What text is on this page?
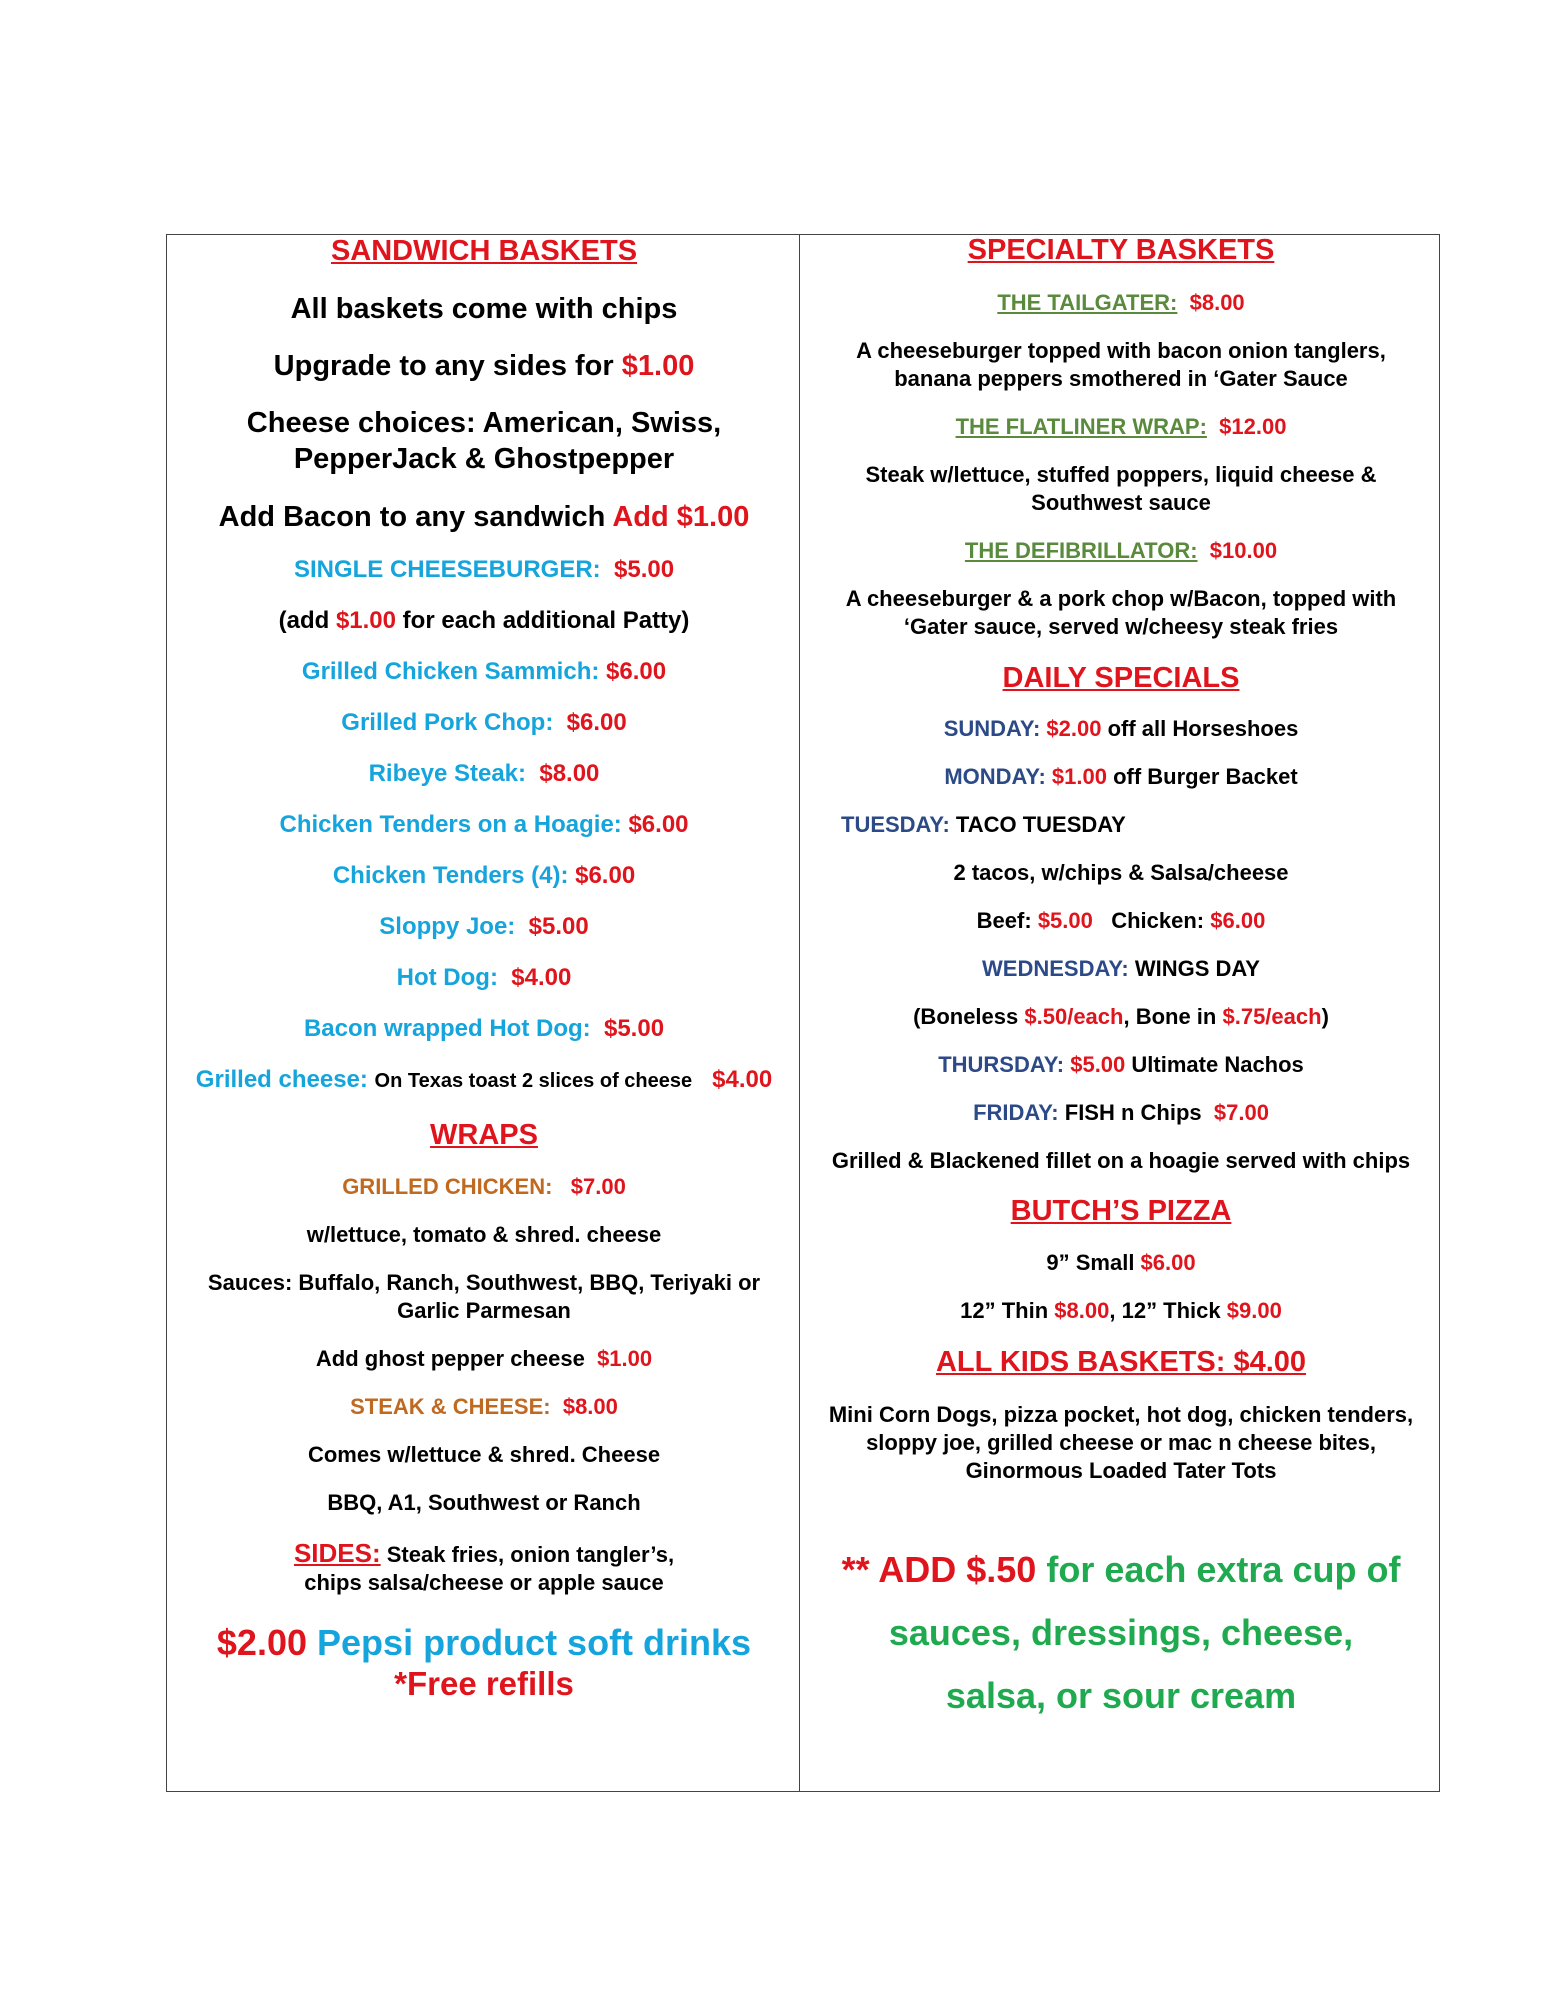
SANDWICH BASKETS
All baskets come with chips
Upgrade to any sides for $1.00
Cheese choices: American, Swiss,
PepperJack & Ghostpepper
Add Bacon to any sandwich Add $1.00
SINGLE CHEESEBURGER: $5.00
(add $1.00 for each additional Patty)
Grilled Chicken Sammich: $6.00
Grilled Pork Chop: $6.00
Ribeye Steak: $8.00
Chicken Tenders on a Hoagie: $6.00
Chicken Tenders (4): $6.00
Sloppy Joe: $5.00
Hot Dog: $4.00
Bacon wrapped Hot Dog: $5.00
Grilled cheese: On Texas toast 2 slices of cheese $4.00
WRAPS
GRILLED CHICKEN: $7.00
w/lettuce, tomato & shred. cheese
Sauces: Buffalo, Ranch, Southwest, BBQ, Teriyaki or
Garlic Parmesan
Add ghost pepper cheese $1.00
STEAK & CHEESE: $8.00
Comes w/lettuce & shred. Cheese
BBQ, A1, Southwest or Ranch
SIDES: Steak fries, onion tangler’s,
chips salsa/cheese or apple sauce
$2.00 Pepsi product soft drinks
*Free refills
SPECIALTY BASKETS
THE TAILGATER: $8.00
A cheeseburger topped with bacon onion tanglers,
banana peppers smothered in ‘Gater Sauce
THE FLATLINER WRAP: $12.00
Steak w/lettuce, stuffed poppers, liquid cheese &
Southwest sauce
THE DEFIBRILLATOR: $10.00
A cheeseburger & a pork chop w/Bacon, topped with
‘Gater sauce, served w/cheesy steak fries
DAILY SPECIALS
SUNDAY: $2.00 off all Horseshoes
MONDAY: $1.00 off Burger Backet
TUESDAY: TACO TUESDAY
2 tacos, w/chips & Salsa/cheese
Beef: $5.00 Chicken: $6.00
WEDNESDAY: WINGS DAY
(Boneless $.50/each, Bone in $.75/each)
THURSDAY: $5.00 Ultimate Nachos
FRIDAY: FISH n Chips $7.00
Grilled & Blackened fillet on a hoagie served with chips
BUTCH’S PIZZA
9” Small $6.00
12” Thin $8.00, 12” Thick $9.00
ALL KIDS BASKETS: $4.00
Mini Corn Dogs, pizza pocket, hot dog, chicken tenders,
sloppy joe, grilled cheese or mac n cheese bites,
Ginormous Loaded Tater Tots
** ADD $.50 for each extra cup of
sauces, dressings, cheese,
salsa, or sour cream
